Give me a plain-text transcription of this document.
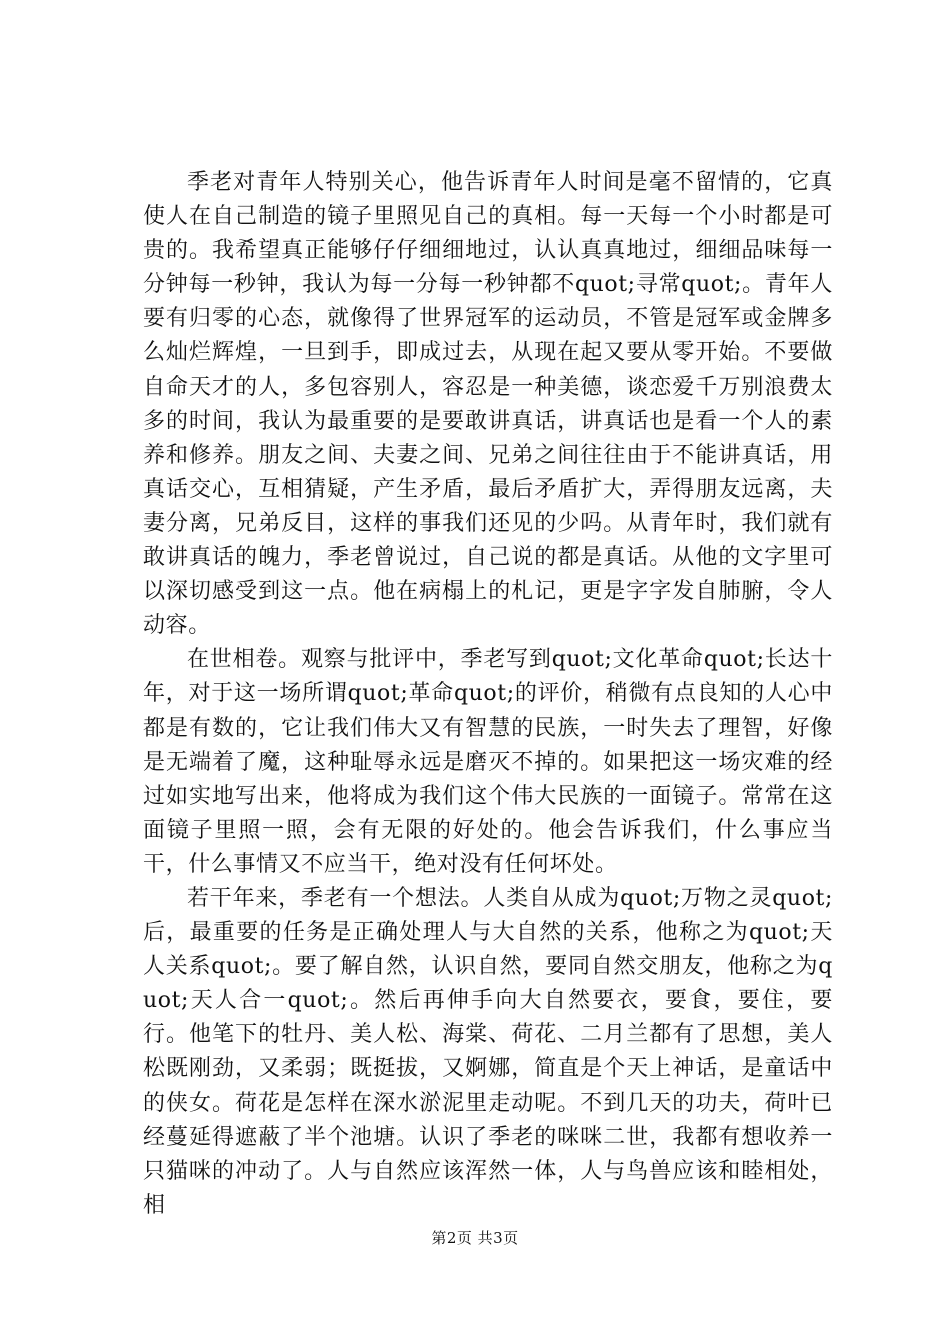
季老对青年人特别关心，他告诉青年人时间是毫不留情的，它真使人在自己制造的镜子里照见自己的真相。每一天每一个小时都是可贵的。我希望真正能够仔仔细细地过，认认真真地过，细细品味每一分钟每一秒钟，我认为每一分每一秒钟都不quot;寻常quot;。青年人要有归零的心态，就像得了世界冠军的运动员，不管是冠军或金牌多么灿烂辉煌，一旦到手，即成过去，从现在起又要从零开始。不要做自命天才的人，多包容别人，容忍是一种美德，谈恋爱千万别浪费太多的时间，我认为最重要的是要敢讲真话，讲真话也是看一个人的素养和修养。朋友之间、夫妻之间、兄弟之间往往由于不能讲真话，用真话交心，互相猜疑，产生矛盾，最后矛盾扩大，弄得朋友远离，夫妻分离，兄弟反目，这样的事我们还见的少吗。从青年时，我们就有敢讲真话的魄力，季老曾说过，自己说的都是真话。从他的文字里可以深切感受到这一点。他在病榻上的札记，更是字字发自肺腑，令人动容。

在世相卷。观察与批评中，季老写到quot;文化革命quot;长达十年，对于这一场所谓quot;革命quot;的评价，稍微有点良知的人心中都是有数的，它让我们伟大又有智慧的民族，一时失去了理智，好像是无端着了魔，这种耻辱永远是磨灭不掉的。如果把这一场灾难的经过如实地写出来，他将成为我们这个伟大民族的一面镜子。常常在这面镜子里照一照，会有无限的好处的。他会告诉我们，什么事应当干，什么事情又不应当干，绝对没有任何坏处。

若干年来，季老有一个想法。人类自从成为quot;万物之灵quot;后，最重要的任务是正确处理人与大自然的关系，他称之为quot;天人关系quot;。要了解自然，认识自然，要同自然交朋友，他称之为quot;天人合一quot;。然后再伸手向大自然要衣，要食，要住，要行。他笔下的牡丹、美人松、海棠、荷花、二月兰都有了思想，美人松既刚劲，又柔弱；既挺拔，又婀娜，简直是个天上神话，是童话中的侠女。荷花是怎样在深水淤泥里走动呢。不到几天的功夫，荷叶已经蔓延得遮蔽了半个池塘。认识了季老的咪咪二世，我都有想收养一只猫咪的冲动了。人与自然应该浑然一体，人与鸟兽应该和睦相处，相

第2页 共3页
